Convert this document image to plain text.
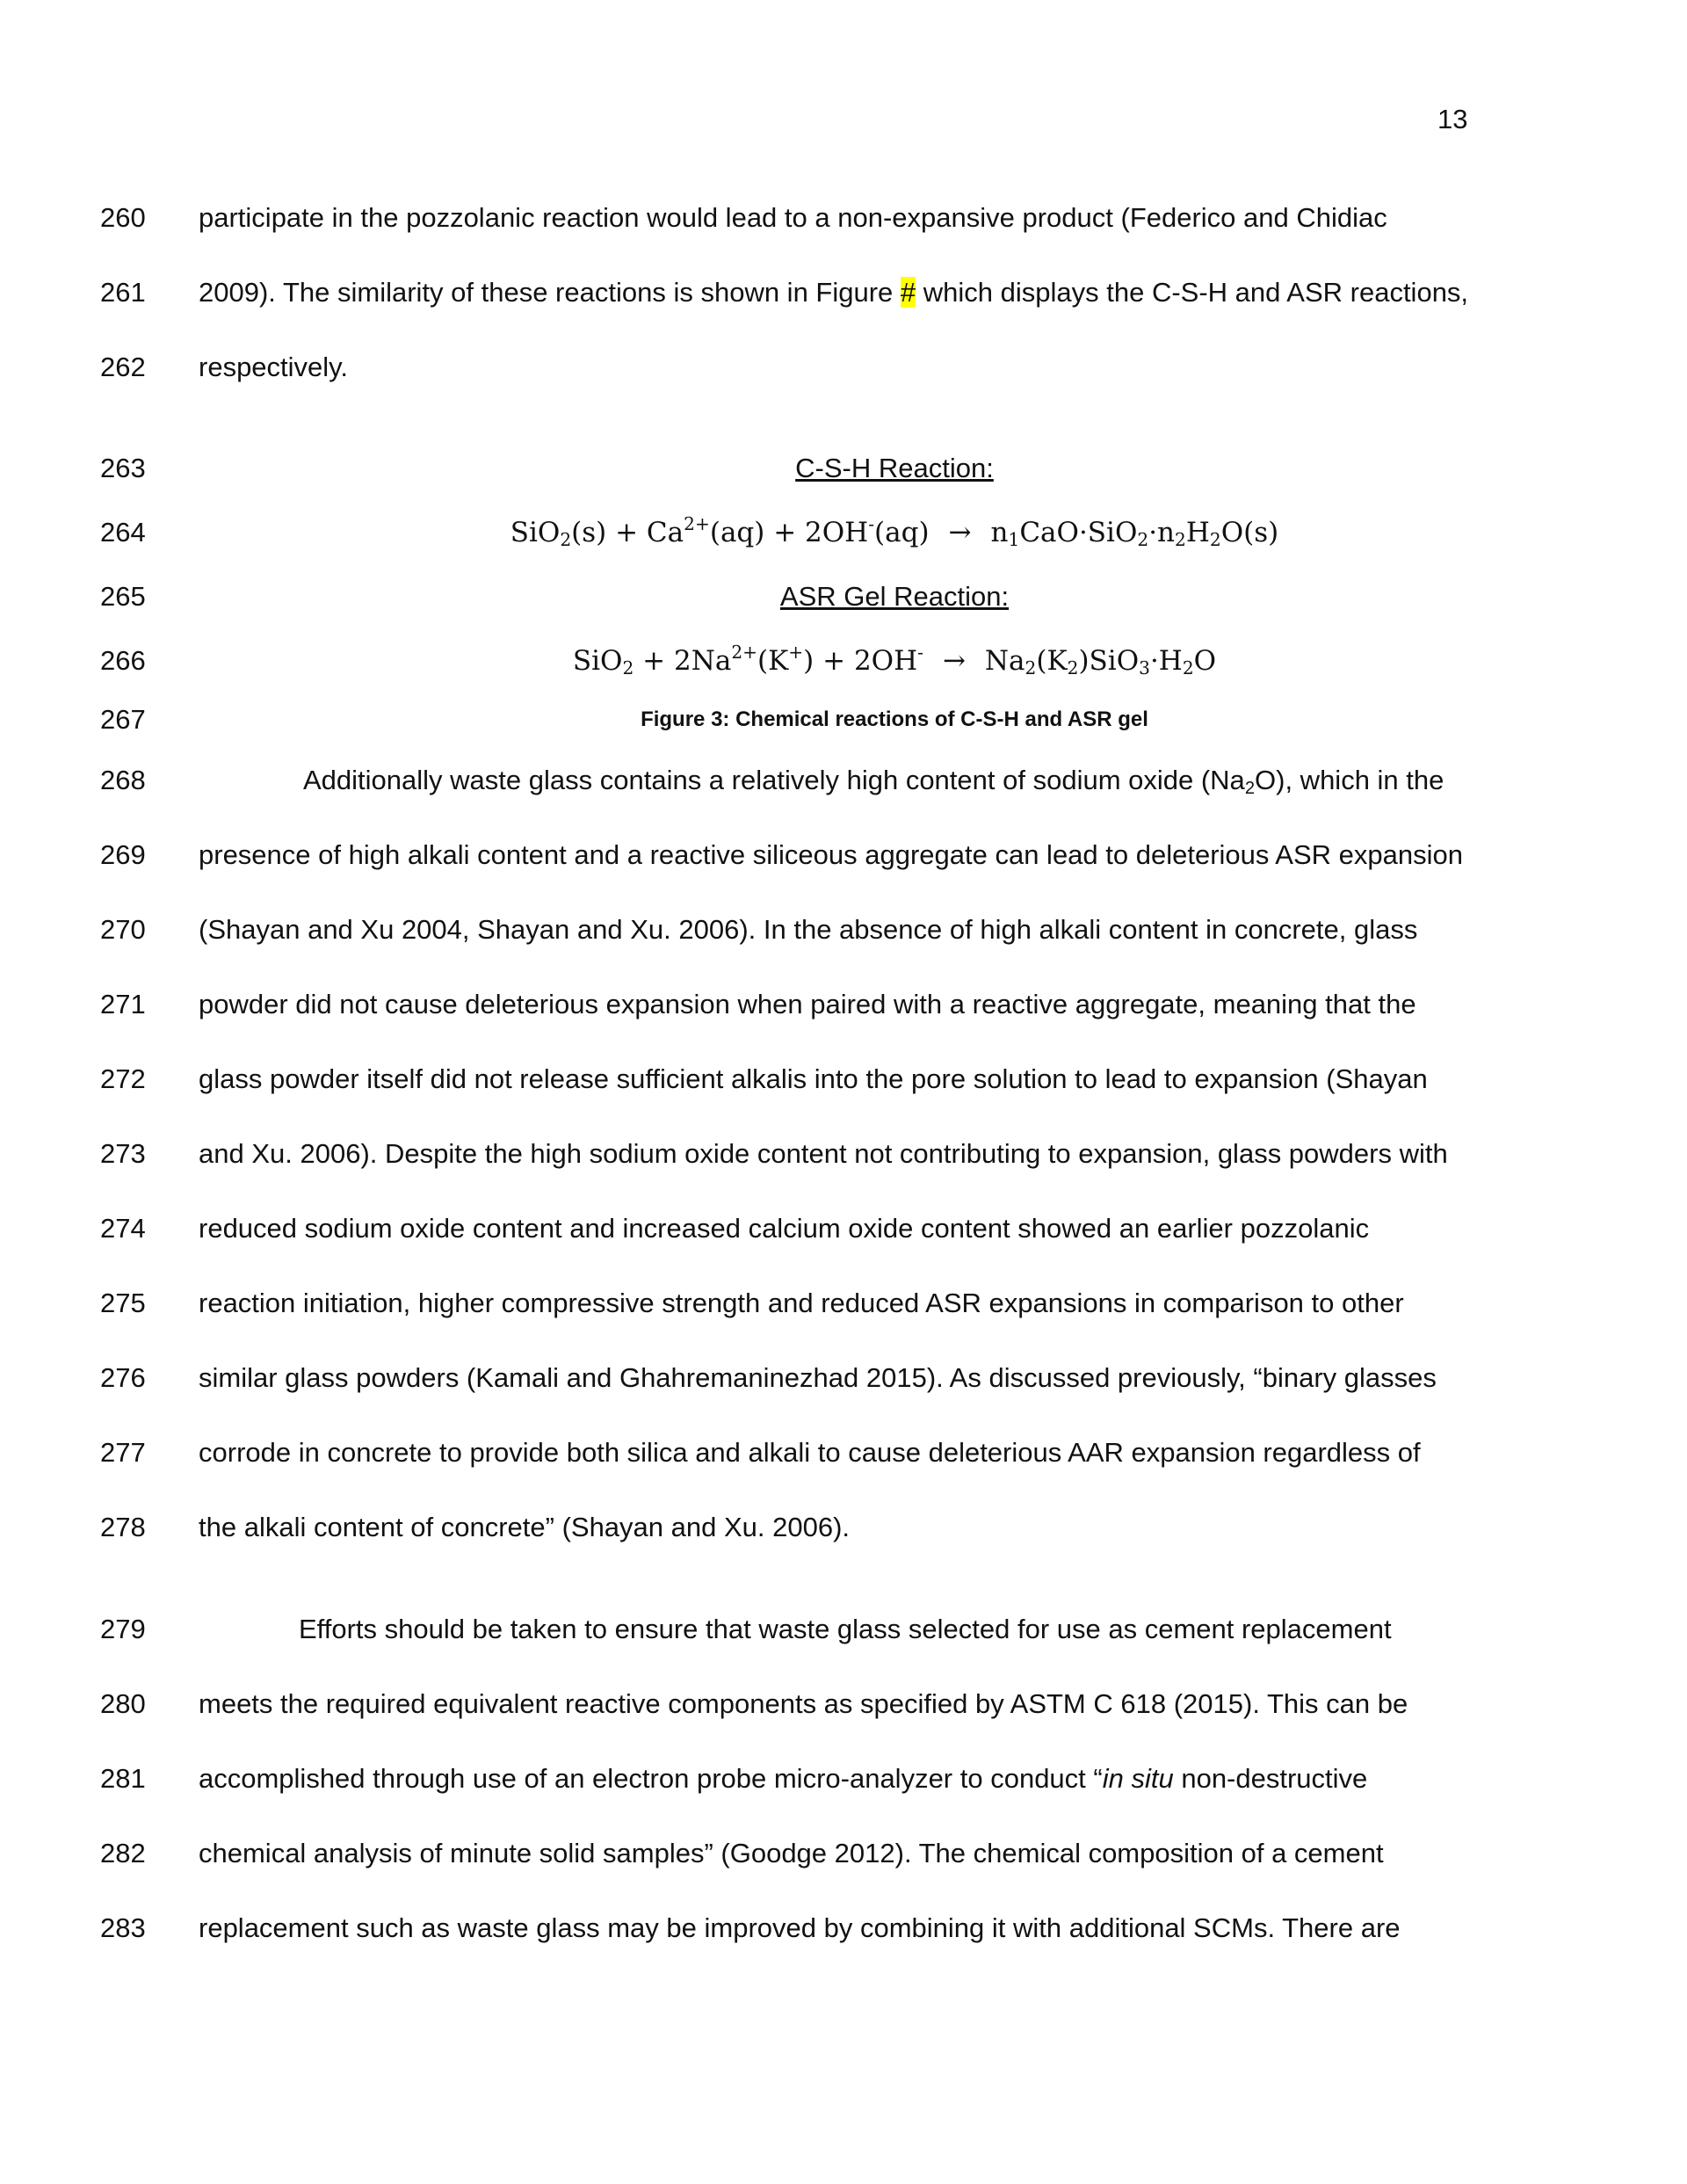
13
260 participate in the pozzolanic reaction would lead to a non-expansive product (Federico and Chidiac
261 2009). The similarity of these reactions is shown in Figure # which displays the C-S-H and ASR reactions,
262 respectively.
263	C-S-H Reaction:
264	$SiO_2(s) + Ca^{2+}(aq) + 2OH^-(aq) \to n_1CaO\cdot SiO_2\cdot n_2H_2O(s)$
265	ASR Gel Reaction:
266	$SiO_2 + 2Na^{2+}(K^+) + 2OH^- \to Na_2(K_2)SiO_3\cdot H_2O$
267	Figure 3: Chemical reactions of C-S-H and ASR gel
268	Additionally waste glass contains a relatively high content of sodium oxide $(Na_2O)$, which in the
269 presence of high alkali content and a reactive siliceous aggregate can lead to deleterious ASR expansion
270 (Shayan and Xu 2004, Shayan and Xu. 2006). In the absence of high alkali content in concrete, glass
271 powder did not cause deleterious expansion when paired with a reactive aggregate, meaning that the
272 glass powder itself did not release sufficient alkalis into the pore solution to lead to expansion (Shayan
273 and Xu. 2006). Despite the high sodium oxide content not contributing to expansion, glass powders with
274 reduced sodium oxide content and increased calcium oxide content showed an earlier pozzolanic
275 reaction initiation, higher compressive strength and reduced ASR expansions in comparison to other
276 similar glass powders (Kamali and Ghahremaninezhad 2015). As discussed previously, “binary glasses
277 corrode in concrete to provide both silica and alkali to cause deleterious AAR expansion regardless of
278 the alkali content of concrete” (Shayan and Xu. 2006).
279	Efforts should be taken to ensure that waste glass selected for use as cement replacement
280 meets the required equivalent reactive components as specified by ASTM C 618 (2015). This can be
281 accomplished through use of an electron probe micro-analyzer to conduct “in situ non-destructive
282 chemical analysis of minute solid samples” (Goodge 2012). The chemical composition of a cement
283 replacement such as waste glass may be improved by combining it with additional SCMs. There are
